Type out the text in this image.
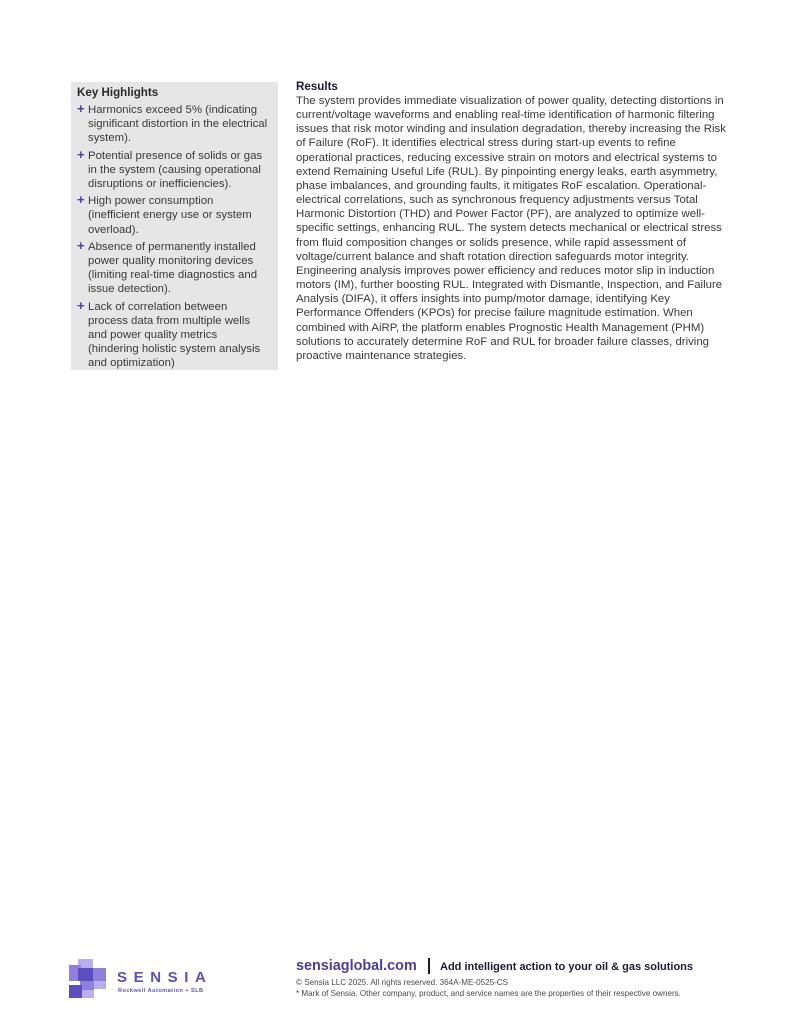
Key Highlights
+ Harmonics exceed 5% (indicating significant distortion in the electrical system).
+ Potential presence of solids or gas in the system (causing operational disruptions or inefficiencies).
+ High power consumption (inefficient energy use or system overload).
+ Absence of permanently installed power quality monitoring devices (limiting real-time diagnostics and issue detection).
+ Lack of correlation between process data from multiple wells and power quality metrics (hindering holistic system analysis and optimization)
Results

The system provides immediate visualization of power quality, detecting distortions in current/voltage waveforms and enabling real-time identification of harmonic filtering issues that risk motor winding and insulation degradation, thereby increasing the Risk of Failure (RoF). It identifies electrical stress during start-up events to refine operational practices, reducing excessive strain on motors and electrical systems to extend Remaining Useful Life (RUL). By pinpointing energy leaks, earth asymmetry, phase imbalances, and grounding faults, it mitigates RoF escalation. Operational-electrical correlations, such as synchronous frequency adjustments versus Total Harmonic Distortion (THD) and Power Factor (PF), are analyzed to optimize well-specific settings, enhancing RUL. The system detects mechanical or electrical stress from fluid composition changes or solids presence, while rapid assessment of voltage/current balance and shaft rotation direction safeguards motor integrity. Engineering analysis improves power efficiency and reduces motor slip in induction motors (IM), further boosting RUL. Integrated with Dismantle, Inspection, and Failure Analysis (DIFA), it offers insights into pump/motor damage, identifying Key Performance Offenders (KPOs) for precise failure magnitude estimation. When combined with AiRP, the platform enables Prognostic Health Management (PHM) solutions to accurately determine RoF and RUL for broader failure classes, driving proactive maintenance strategies.

SENSIA
Rockwell Automation + SLB
sensiaglobal.com Add intelligent action to your oil & gas solutions
© Sensia LLC 2025. All rights reserved. 364A-ME-0525-CS
* Mark of Sensia. Other company, product, and service names are the properties of their respective owners.
